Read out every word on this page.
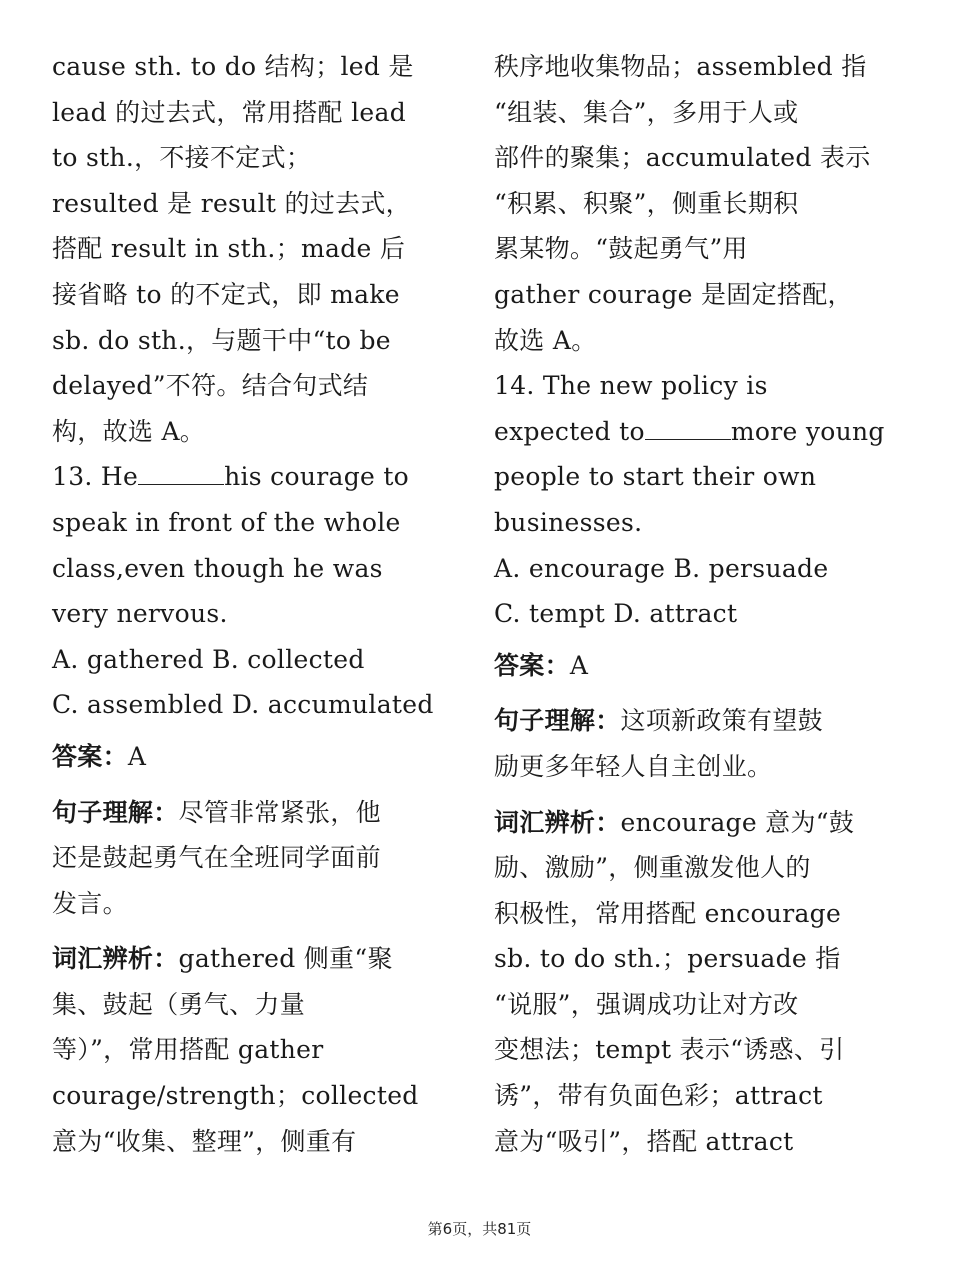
cause sth. to do 结构；led 是
lead 的过去式，常用搭配 lead
to sth.，不接不定式；
resulted 是 result 的过去式，
搭配 result in sth.；made 后
接省略 to 的不定式，即 make
sb. do sth.，与题干中“to be
delayed”不符。结合句式结
构，故选 A。
13. He	his courage to
speak in front of the whole
class,even though he was
very nervous.
A. gathered B. collected
C. assembled D. accumulated
答案：A
句子理解：尽管非常紧张，他
还是鼓起勇气在全班同学面前
发言。
词汇辨析：gathered 侧重“聚
集、鼓起（勇气、力量
等）”，常用搭配 gather
courage/strength；collected
意为“收集、整理”，侧重有
秩序地收集物品；assembled 指
“组装、集合”，多用于人或
部件的聚集；accumulated 表示
“积累、积聚”，侧重长期积
累某物。“鼓起勇气”用
gather courage 是固定搭配，
故选 A。
14. The new policy is
expected to	more young
people to start their own
businesses.
A. encourage B. persuade
C. tempt D. attract
答案：A
句子理解：这项新政策有望鼓
励更多年轻人自主创业。
词汇辨析：encourage 意为“鼓
励、激励”，侧重激发他人的
积极性，常用搭配 encourage
sb. to do sth.；persuade 指
“说服”，强调成功让对方改
变想法；tempt 表示“诱惑、引
诱”，带有负面色彩；attract
意为“吸引”，搭配 attract
第6页，共81页
